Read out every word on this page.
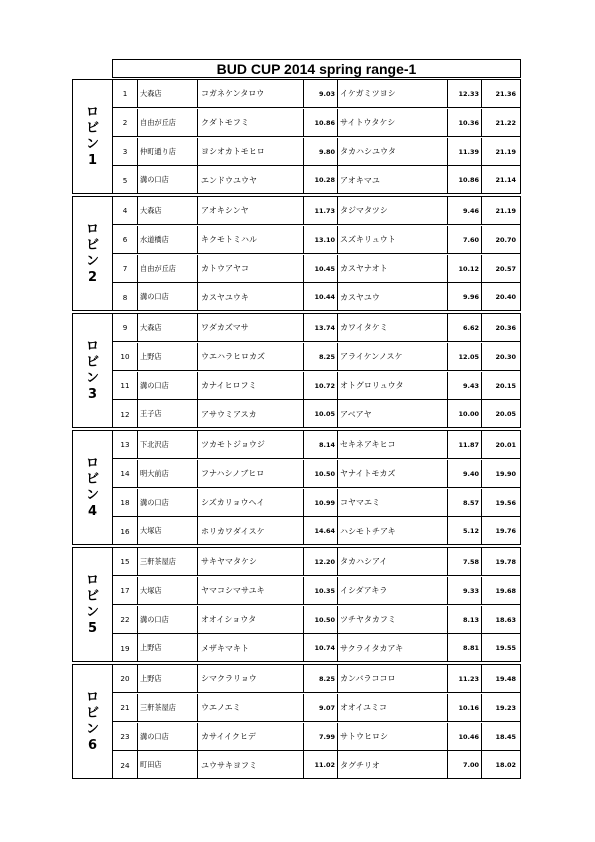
BUD CUP 2014 spring range-1
ロ
ビ
ン
1
1	大森店	コガネケンタロウ	9.03 イケガミツヨシ	12.33	21.36
2	自由が丘店	クダトモフミ	10.86 サイトウタケシ	10.36	21.22
3	仲町通り店	ヨシオカトモヒロ	9.80 タカハシユウタ	11.39	21.19
5	溝の口店	エンドウユウヤ	10.28 アオキマユ	10.86	21.14
ロ
ビ
ン
2
4	大森店	アオキシンヤ	11.73 タジマタツシ	9.46	21.19
6	水道橋店	キクモトミハル	13.10 スズキリュウト	7.60	20.70
7	自由が丘店	カトウアヤコ	10.45 カスヤナオト	10.12	20.57
8	溝の口店	カスヤユウキ	10.44 カスヤユウ	9.96	20.40
ロ
ビ
ン
3
9	大森店	ワダカズマサ	13.74 カワイタケミ	6.62	20.36
10	上野店	ウエハラヒロカズ	8.25 アライケンノスケ	12.05	20.30
11	溝の口店	カナイヒロフミ	10.72 オトグロリュウタ	9.43	20.15
12	王子店	アサウミアスカ	10.05 アベアヤ	10.00	20.05
ロ
ビ
ン
4
13	下北沢店	ツカモトジョウジ	8.14 セキネアキヒコ	11.87	20.01
14	明大前店	フナハシノブヒロ	10.50 ヤナイトモカズ	9.40	19.90
18	溝の口店	シズカリョウヘイ	10.99 コヤマエミ	8.57	19.56
16	大塚店	ホリカワダイスケ	14.64 ハシモトチアキ	5.12	19.76
ロ
ビ
ン
5
15	三軒茶屋店	サキヤマタケシ	12.20 タカハシアイ	7.58	19.78
17	大塚店	ヤマコシマサユキ	10.35 イシダアキラ	9.33	19.68
22	溝の口店	オオイショウタ	10.50 ツチヤタカフミ	8.13	18.63
19	上野店	メザキマキト	10.74 サクライタカアキ	8.81	19.55
ロ
ビ
ン
6
20	上野店	シマクラリョウ	8.25 カンバラココロ	11.23	19.48
21	三軒茶屋店	ウエノエミ	9.07 オオイユミコ	10.16	19.23
23	溝の口店	カサイイクヒデ	7.99 サトウヒロシ	10.46	18.45
24	町田店	ユウサキヨフミ	11.02 タグチリオ	7.00	18.02
